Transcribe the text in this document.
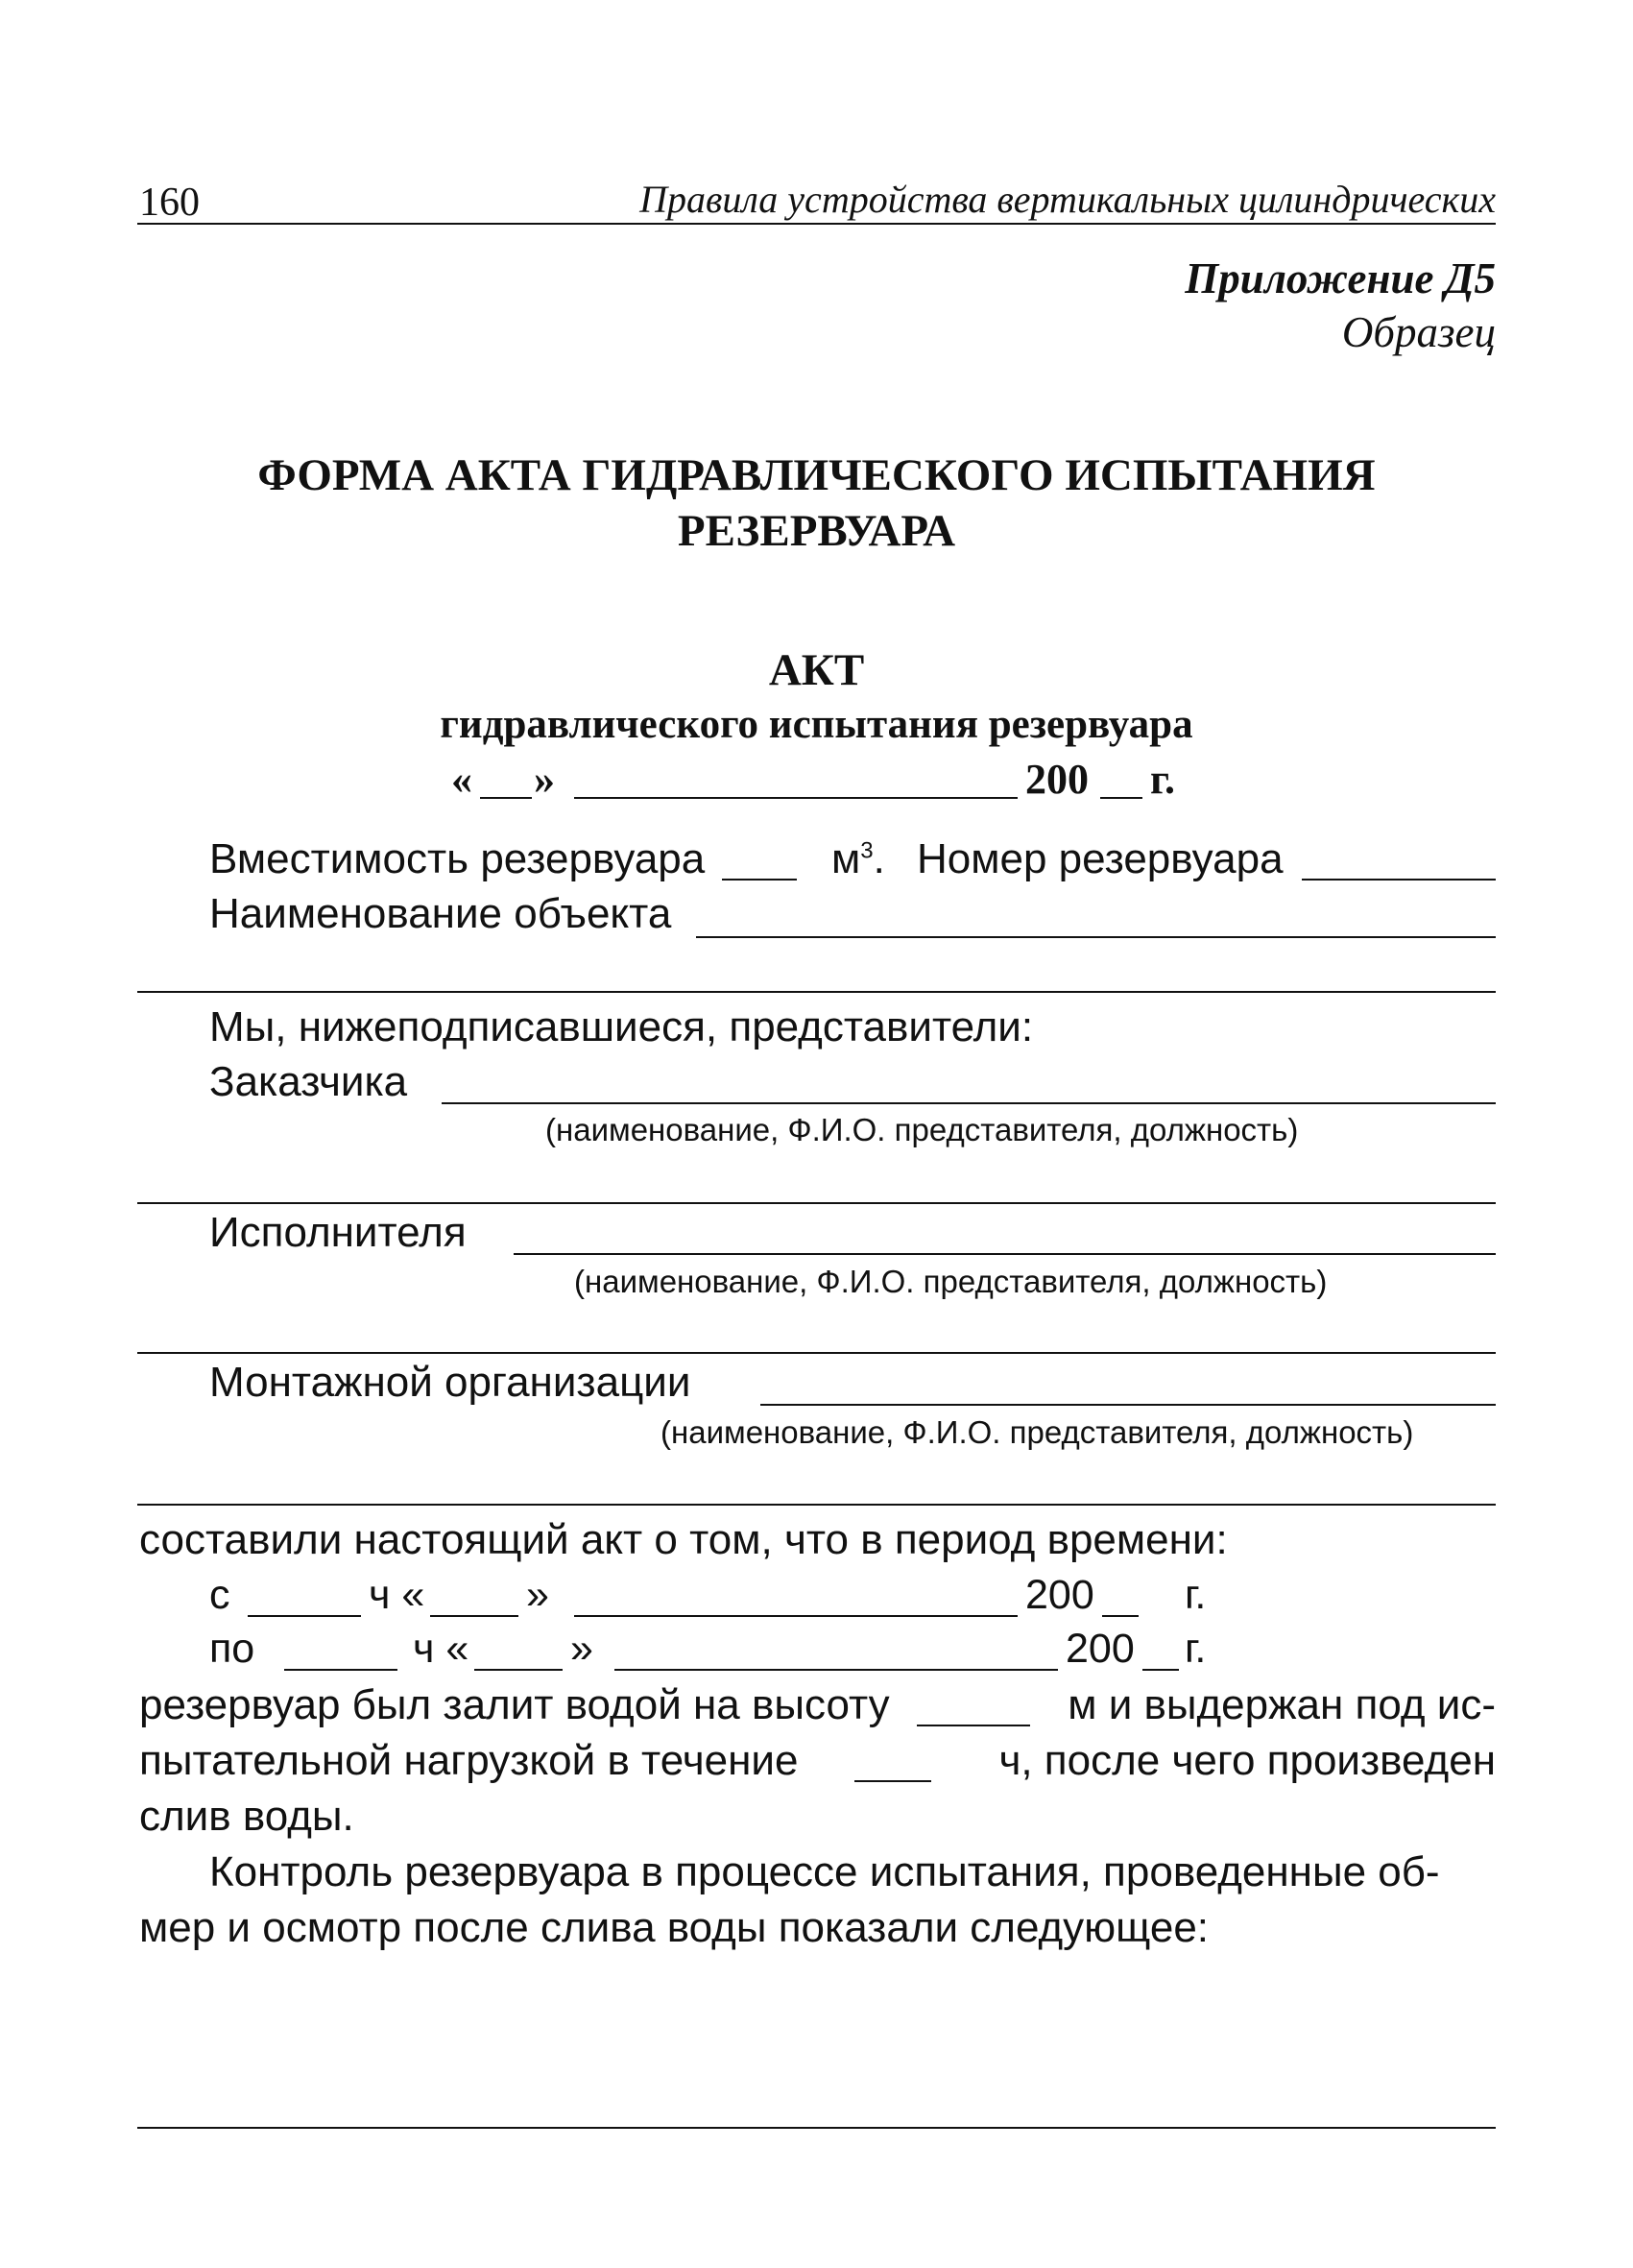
160	Правила устройства вертикальных цилиндрических
Приложение Д5
Образец
ФОРМА АКТА ГИДРАВЛИЧЕСКОГО ИСПЫТАНИЯ
РЕЗЕРВУАРА
АКТ
гидравлического испытания резервуара
« »	200 г.
Вместимость резервуара	$м^3$. Номер резервуара
Наименование объекта
Мы, нижеподписавшиеся, представители:
Заказчика
(наименование, Ф.И.О. представителя, должность)
Исполнителя
(наименование, Ф.И.О. представителя, должность)
Монтажной организации
(наименование, Ф.И.О. представителя, должность)
составили настоящий акт о том, что в период времени:
с	ч « »	200 г.
по	ч « »	200 г.
резервуар был залит водой на высоту	м и выдержан под ис-
пытательной нагрузкой в течение	ч, после чего произведен
слив воды.
Контроль резервуара в процессе испытания, проведенные об-
мер и осмотр после слива воды показали следующее:
